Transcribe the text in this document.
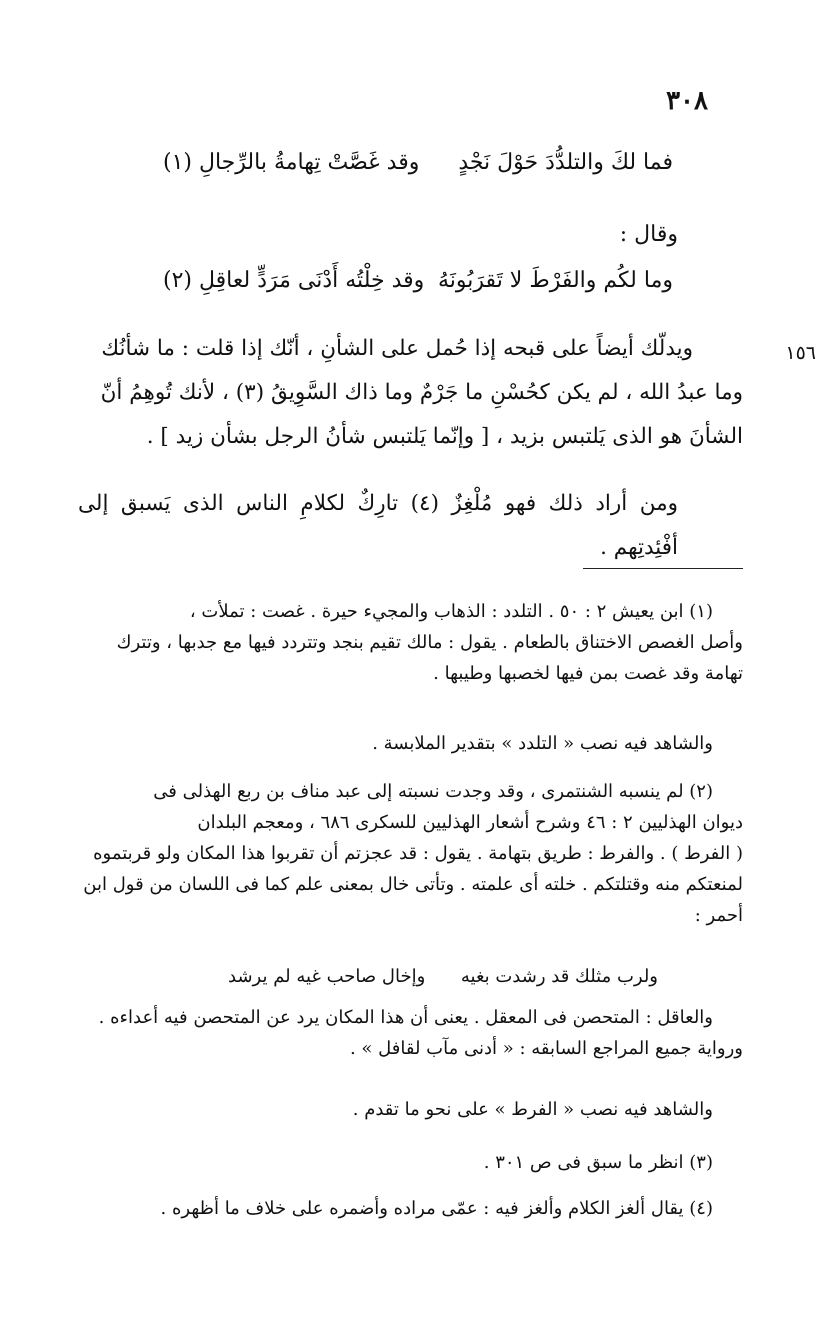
٣٠٨
١٥٦
فما لكَ والتلدُّدَ حَوْلَ نَجْدٍ
وقد غَصَّتْ تِهامةُ بالرِّجالِ (١)
وقال :
وما لكُم والفَرْطَ لا تَقرَبُونَهُ
وقد خِلْتُه أَدْنَى مَرَدٍّ لعاقِلِ (٢)

ويدلّك أيضاً على قبحه إذا حُمل على الشأنِ ، أنّك إذا قلت : ما شأنُك

وما عبدُ الله ، لم يكن كحُسْنِ ما جَرْمٌ وما ذاك السَّوِيقُ (٣) ، لأنك تُوهِمُ أنّ

الشأنَ هو الذى يَلتبس بزيد ، [ وإنّما يَلتبس شأنُ الرجل بشأن زيد ] .

ومن أراد ذلك فهو مُلْغِزٌ (٤) تارِكٌ لكلامِ الناس الذى يَسبق إلى أفْئِدتِهم .
(١) ابن يعيش ٢ : ٥٠ . التلدد : الذهاب والمجيء حيرة . غصت : تملأت ،
وأصل الغصص الاختناق بالطعام . يقول : مالك تقيم بنجد وتتردد فيها مع جدبها ، وتترك
تهامة وقد غصت بمن فيها لخصبها وطيبها .
والشاهد فيه نصب « التلدد » بتقدير الملابسة .
(٢) لم ينسبه الشنتمرى ، وقد وجدت نسبته إلى عبد مناف بن ربع الهذلى فى
ديوان الهذليين ٢ : ٤٦ وشرح أشعار الهذليين للسكرى ٦٨٦ ، ومعجم البلدان
( الفرط ) . والفرط : طريق بتهامة . يقول : قد عجزتم أن تقربوا هذا المكان ولو قربتموه
لمنعتكم منه وقتلتكم . خلته أى علمته . وتأتى خال بمعنى علم كما فى اللسان من قول ابن
أحمر :
ولرب مثلك قد رشدت بغيه
وإخال صاحب غيه لم يرشد
والعاقل : المتحصن فى المعقل . يعنى أن هذا المكان يرد عن المتحصن فيه أعداءه .
ورواية جميع المراجع السابقه : « أدنى مآب لقافل » .
والشاهد فيه نصب « الفرط » على نحو ما تقدم .
(٣) انظر ما سبق فى ص ٣٠١ .
(٤) يقال ألغز الكلام وألغز فيه : عمّى مراده وأضمره على خلاف ما أظهره .
